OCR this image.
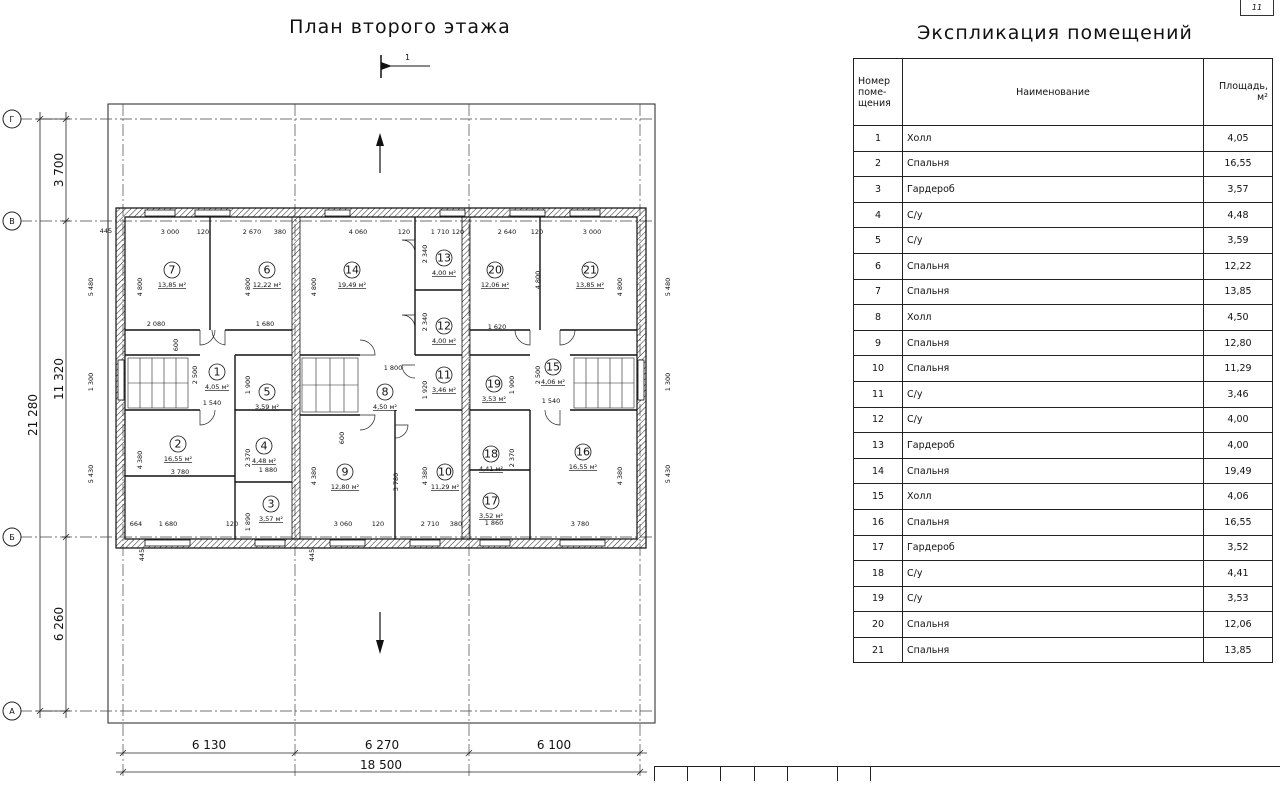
План второго этажа	Экспликация помещений
11
1
Г
В
Б
А
3 700
11 320
21 280
6 260
6 130	6 270	6 100
18 500
1
4,05 м²
2
16,55 м²
3
3,57 м²
4
4,48 м²
5
3,59 м²
6
12,22 м²
7
13,85 м²
8
4,50 м²
9
12,80 м²
10
11,29 м²
11
3,46 м²
12
4,00 м²
13
4,00 м²
14
19,49 м²
15
4,06 м²
16
16,55 м²
17
3,52 м²
18
4,41 м²
19
3,53 м²
20
12,06 м²
21
13,85 м²
3 000	120	2 670 380	4 060	120	1 710 120	2 640 120	3 000
2 080	1 680	1 620
1 540	1 540
1 800
1 880
1 860
3 780
1 680	3 060	120	2 710 380	3 780
4 800	4 800	4 800	4 800	4 800
4 380
4 380	4 380	4 380
5 480	5 480
5 430	5 430
1 300	1 300
2 500	2 500
2 340
2 340
1 920
1 900	1 900
2 370	2 370
1 890
3 780
445
445	445
664
600
600
120
Номер поме- щения	Наименование	Площадь, м²
1	Холл	4,05
2	Спальня	16,55
3	Гардероб	3,57
4	С/у	4,48
5	С/у	3,59
6	Спальня	12,22
7	Спальня	13,85
8	Холл	4,50
9	Спальня	12,80
10	Спальня	11,29
11	С/у	3,46
12	С/у	4,00
13	Гардероб	4,00
14	Спальня	19,49
15	Холл	4,06
16	Спальня	16,55
17	Гардероб	3,52
18	С/у	4,41
19	С/у	3,53
20	Спальня	12,06
21	Спальня	13,85
